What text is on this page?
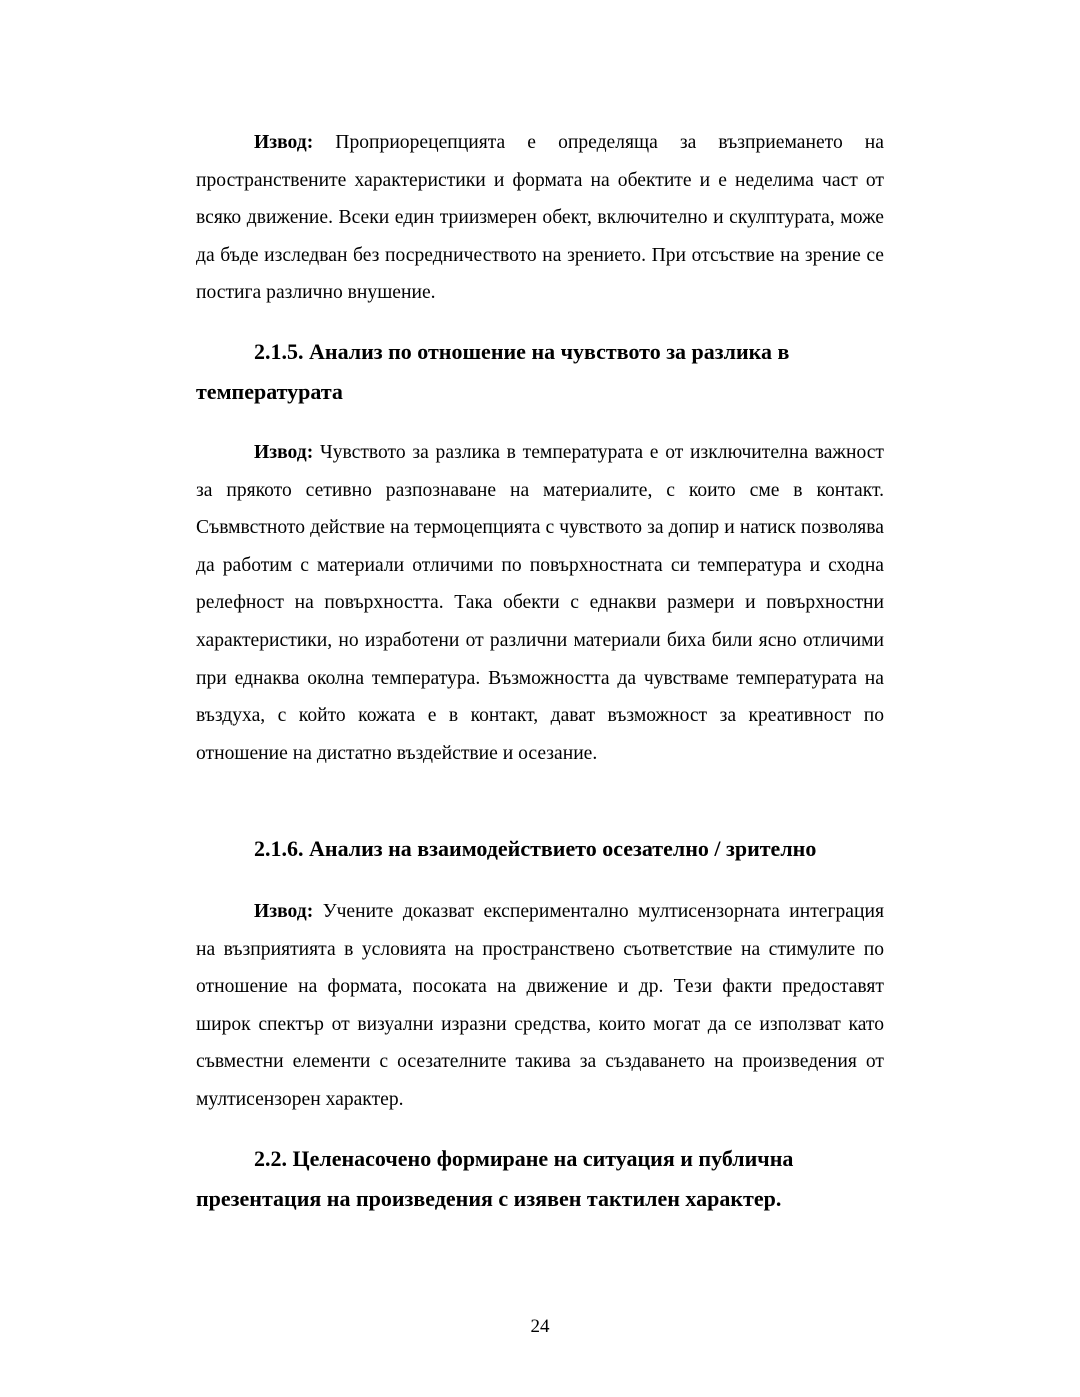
Извод: Проприорецепцията е определяща за възприемането на пространствените характеристики и формата на обектите и е неделима част от всяко движение. Всеки един триизмерен обект, включително и скулптурата, може да бъде изследван без посредничеството на зрението. При отсъствие на зрение се постига различно внушение.

2.1.5. Анализ по отношение на чувството за разлика в температурата

Извод: Чувството за разлика в температурата е от изключителна важност за прякото сетивно разпознаване на материалите, с които сме в контакт. Съвмвстното действие на термоцепцията с чувството за допир и натиск позволява да работим с материали отличими по повърхностната си температура и сходна релефност на повърхността. Така обекти с еднакви размери и повърхностни характеристики, но изработени от различни материали биха били ясно отличими при еднаква околна температура. Възможността да чувстваме температурата на въздуха, с който кожата е в контакт, дават възможност за креативност по отношение на дистатно въздействие и осезание.

2.1.6. Анализ на взаимодействието осезателно / зрително

Извод: Учените доказват експериментално мултисензорната интеграция на възприятията в условията на пространствено съответствие на стимулите по отношение на формата, посоката на движение и др. Тези факти предоставят широк спектър от визуални изразни средства, които могат да се използват като съвместни елементи с осезателните такива за създаването на произведения от мултисензорен характер.

2.2. Целенасочено формиране на ситуация и публична презентация на произведения с изявен тактилен характер.
24
